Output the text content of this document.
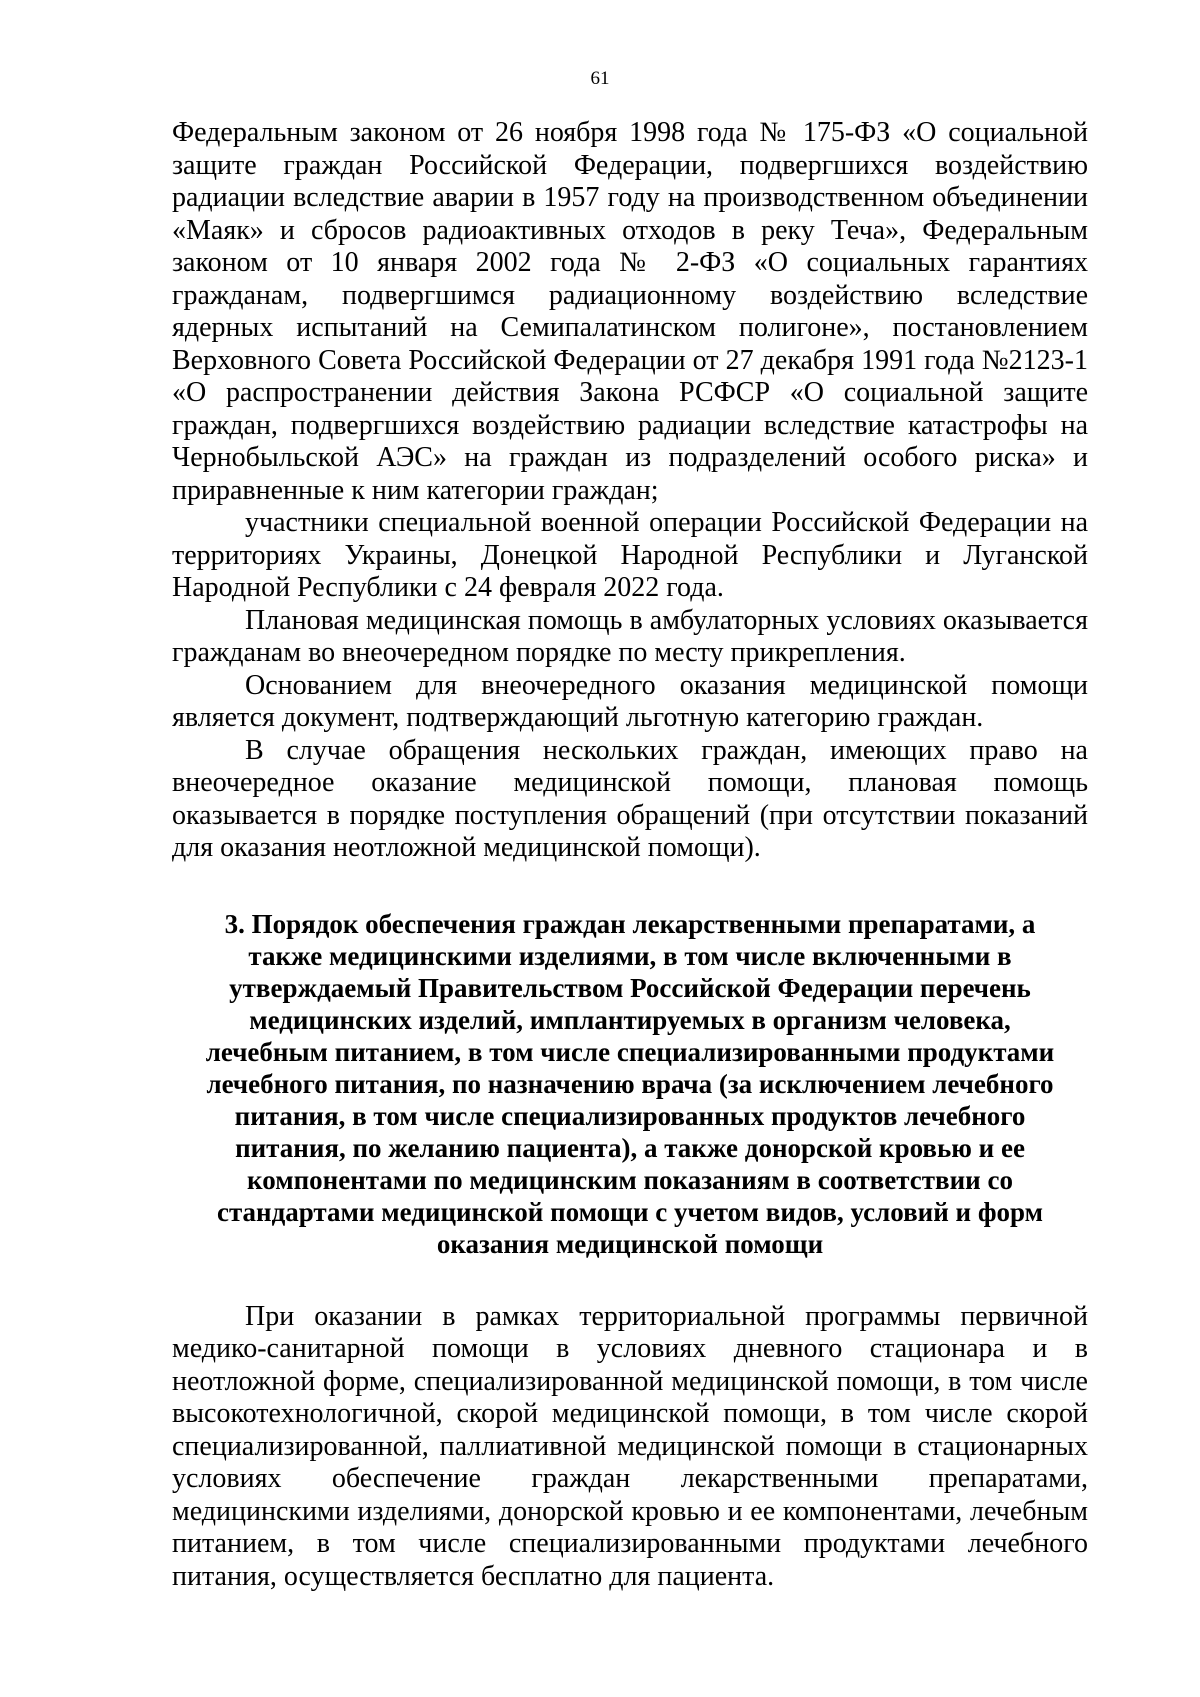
61

Федеральным законом от 26 ноября 1998 года № 175-ФЗ «О социальной защите граждан Российской Федерации, подвергшихся воздействию радиации вследствие аварии в 1957 году на производственном объединении «Маяк» и сбросов радиоактивных отходов в реку Теча», Федеральным законом от 10 января 2002 года № 2-ФЗ «О социальных гарантиях гражданам, подвергшимся радиационному воздействию вследствие ядерных испытаний на Семипалатинском полигоне», постановлением Верховного Совета Российской Федерации от 27 декабря 1991 года №2123-1 «О распространении действия Закона РСФСР «О социальной защите граждан, подвергшихся воздействию радиации вследствие катастрофы на Чернобыльской АЭС» на граждан из подразделений особого риска» и приравненные к ним категории граждан;

участники специальной военной операции Российской Федерации на территориях Украины, Донецкой Народной Республики и Луганской Народной Республики с 24 февраля 2022 года.

Плановая медицинская помощь в амбулаторных условиях оказывается гражданам во внеочередном порядке по месту прикрепления.

Основанием для внеочередного оказания медицинской помощи является документ, подтверждающий льготную категорию граждан.

В случае обращения нескольких граждан, имеющих право на внеочередное оказание медицинской помощи, плановая помощь оказывается в порядке поступления обращений (при отсутствии показаний для оказания неотложной медицинской помощи).

3. Порядок обеспечения граждан лекарственными препаратами, а также медицинскими изделиями, в том числе включенными в утверждаемый Правительством Российской Федерации перечень медицинских изделий, имплантируемых в организм человека, лечебным питанием, в том числе специализированными продуктами лечебного питания, по назначению врача (за исключением лечебного питания, в том числе специализированных продуктов лечебного питания, по желанию пациента), а также донорской кровью и ее компонентами по медицинским показаниям в соответствии со стандартами медицинской помощи с учетом видов, условий и форм оказания медицинской помощи

При оказании в рамках территориальной программы первичной медико-санитарной помощи в условиях дневного стационара и в неотложной форме, специализированной медицинской помощи, в том числе высокотехнологичной, скорой медицинской помощи, в том числе скорой специализированной, паллиативной медицинской помощи в стационарных условиях обеспечение граждан лекарственными препаратами, медицинскими изделиями, донорской кровью и ее компонентами, лечебным питанием, в том числе специализированными продуктами лечебного питания, осуществляется бесплатно для пациента.
